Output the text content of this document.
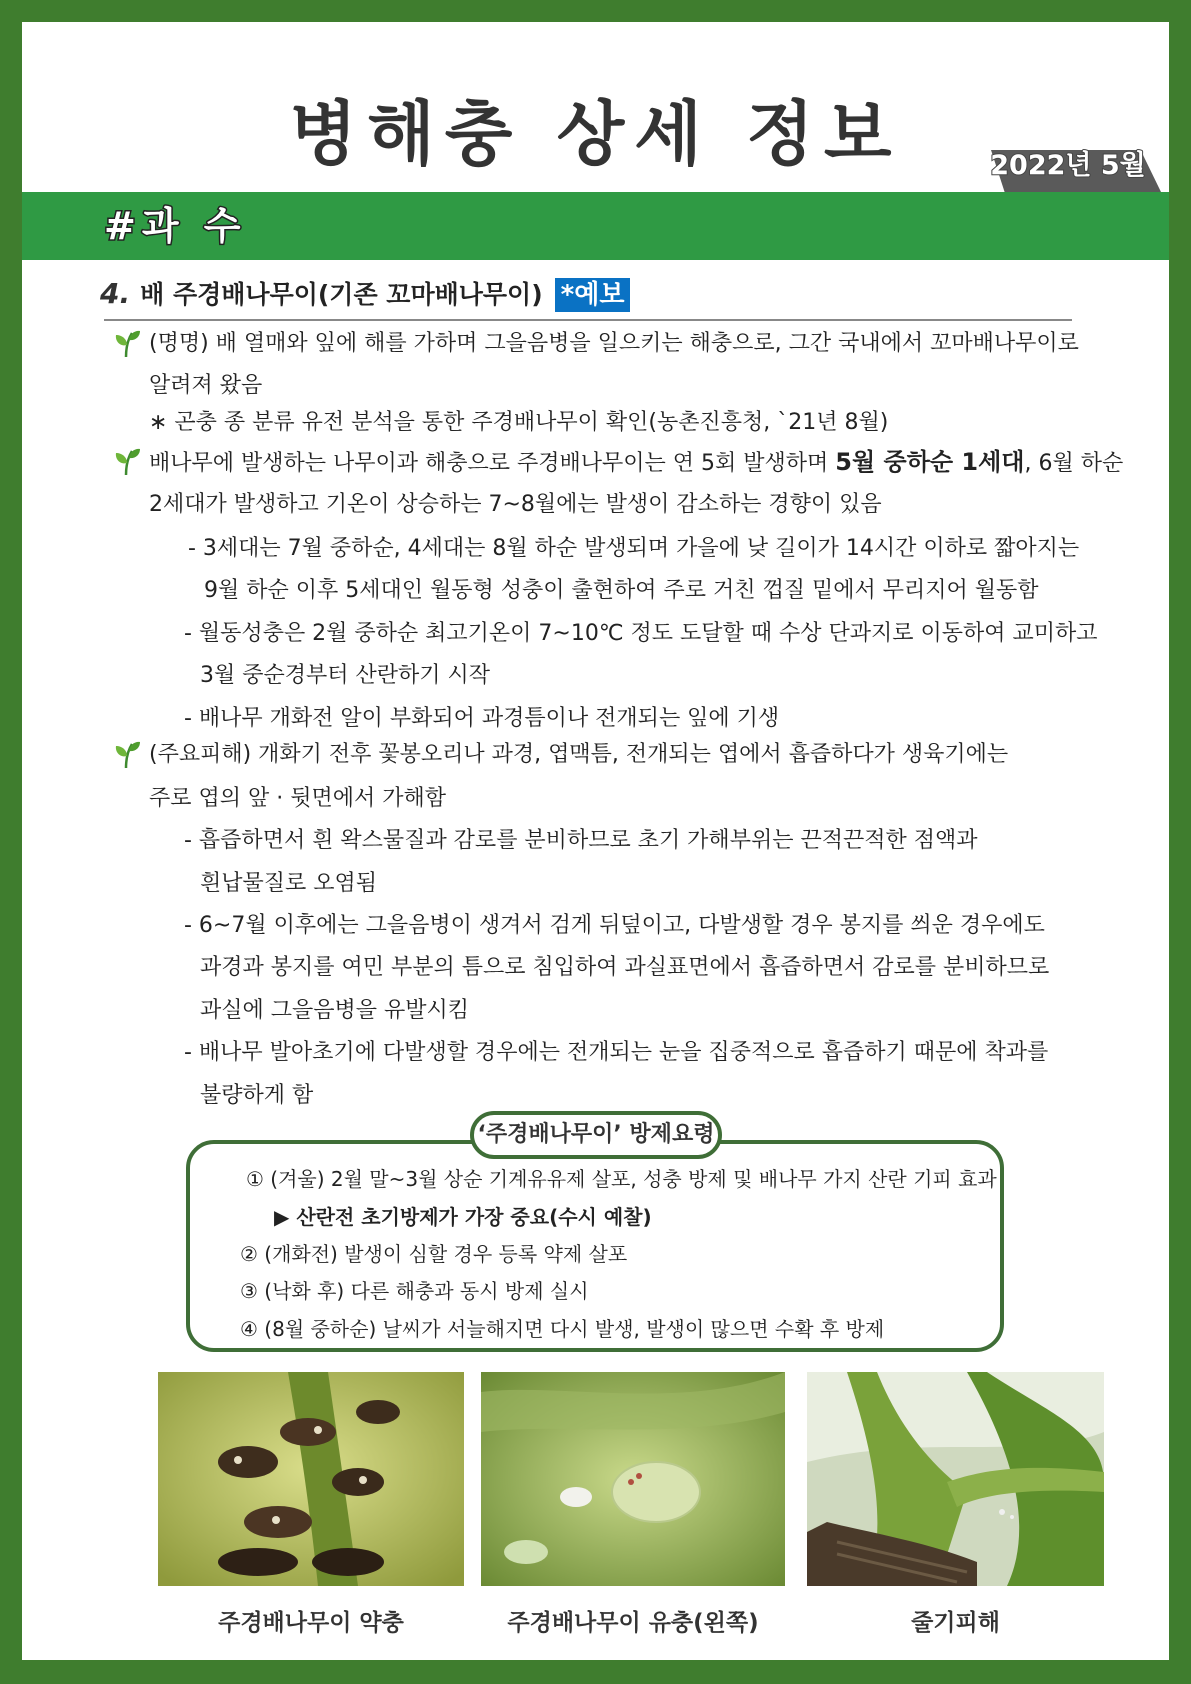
병해충 상세 정보	2022년 5월
#과 수
4. 배 주경배나무이(기존 꼬마배나무이) *예보
(명명) 배 열매와 잎에 해를 가하며 그을음병을 일으키는 해충으로, 그간 국내에서 꼬마배나무이로
알려져 왔음
∗ 곤충 종 분류 유전 분석을 통한 주경배나무이 확인(농촌진흥청, `21년 8월)
배나무에 발생하는 나무이과 해충으로 주경배나무이는 연 5회 발생하며 5월 중하순 1세대, 6월 하순
2세대가 발생하고 기온이 상승하는 7~8월에는 발생이 감소하는 경향이 있음
- 3세대는 7월 중하순, 4세대는 8월 하순 발생되며 가을에 낮 길이가 14시간 이하로 짧아지는
9월 하순 이후 5세대인 월동형 성충이 출현하여 주로 거친 껍질 밑에서 무리지어 월동함
- 월동성충은 2월 중하순 최고기온이 7~10℃ 정도 도달할 때 수상 단과지로 이동하여 교미하고
3월 중순경부터 산란하기 시작
- 배나무 개화전 알이 부화되어 과경틈이나 전개되는 잎에 기생
(주요피해) 개화기 전후 꽃봉오리나 과경, 엽맥틈, 전개되는 엽에서 흡즙하다가 생육기에는
주로 엽의 앞 · 뒷면에서 가해함
- 흡즙하면서 흰 왁스물질과 감로를 분비하므로 초기 가해부위는 끈적끈적한 점액과
흰납물질로 오염됨
- 6~7월 이후에는 그을음병이 생겨서 검게 뒤덮이고, 다발생할 경우 봉지를 씌운 경우에도
과경과 봉지를 여민 부분의 틈으로 침입하여 과실표면에서 흡즙하면서 감로를 분비하므로
과실에 그을음병을 유발시킴
- 배나무 발아초기에 다발생할 경우에는 전개되는 눈을 집중적으로 흡즙하기 때문에 착과를
불량하게 함
‘주경배나무이’ 방제요령
① (겨울) 2월 말~3월 상순 기계유유제 살포, 성충 방제 및 배나무 가지 산란 기피 효과
▶ 산란전 초기방제가 가장 중요(수시 예찰)
② (개화전) 발생이 심할 경우 등록 약제 살포
③ (낙화 후) 다른 해충과 동시 방제 실시
④ (8월 중하순) 날씨가 서늘해지면 다시 발생, 발생이 많으면 수확 후 방제
주경배나무이 약충	주경배나무이 유충(왼쪽)	줄기피해
